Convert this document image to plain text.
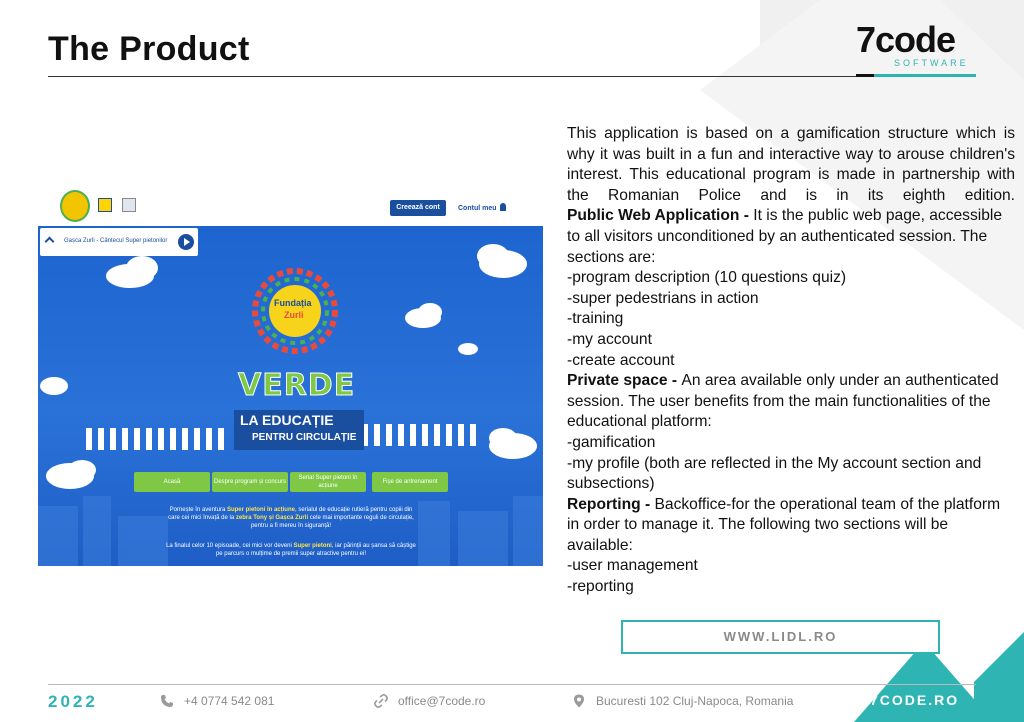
The Product	7code
SOFTWARE
Creează cont	Contul meu
Gașca Zurli - Cântecul Super pietonilor
Fundația
Zurli
VERDE
LA EDUCAȚIE
PENTRU CIRCULAȚIE
Acasă	Despre program și concurs
Serial Super pietoni în acțiune
Fișe de antrenament
Pornește în aventura Super pietoni în acțiune, serialul de educație rutieră pentru copiii din care cei mici învață de la zebra Tony și Gașca Zurli cele mai importante reguli de circulație, pentru a fi mereu în siguranță!
La finalul celor 10 episoade, cei mici vor deveni Super pietoni, iar părinții au șansa să câștige pe parcurs o mulțime de premii super atractive pentru ei!

This application is based on a gamification structure which is why it was built in a fun and interactive way to arouse children's interest. This educational program is made in partnership with the Romanian Police and is in its eighth edition.

Public Web Application - It is the public web page, accessible to all visitors unconditioned by an authenticated session. The sections are:

-program description (10 questions quiz)

-super pedestrians in action

-training

-my account

-create account

Private space - An area available only under an authenticated session. The user benefits from the main functionalities of the educational platform:

-gamification

-my profile (both are reflected in the My account section and subsections)

Reporting - Backoffice-for the operational team of the platform in order to manage it. The following two sections will be available:

-user management

-reporting

WWW.LIDL.RO
2022	+4 0774 542 081	office@7code.ro	Bucuresti 102 Cluj-Napoca, Romania	7CODE.RO
